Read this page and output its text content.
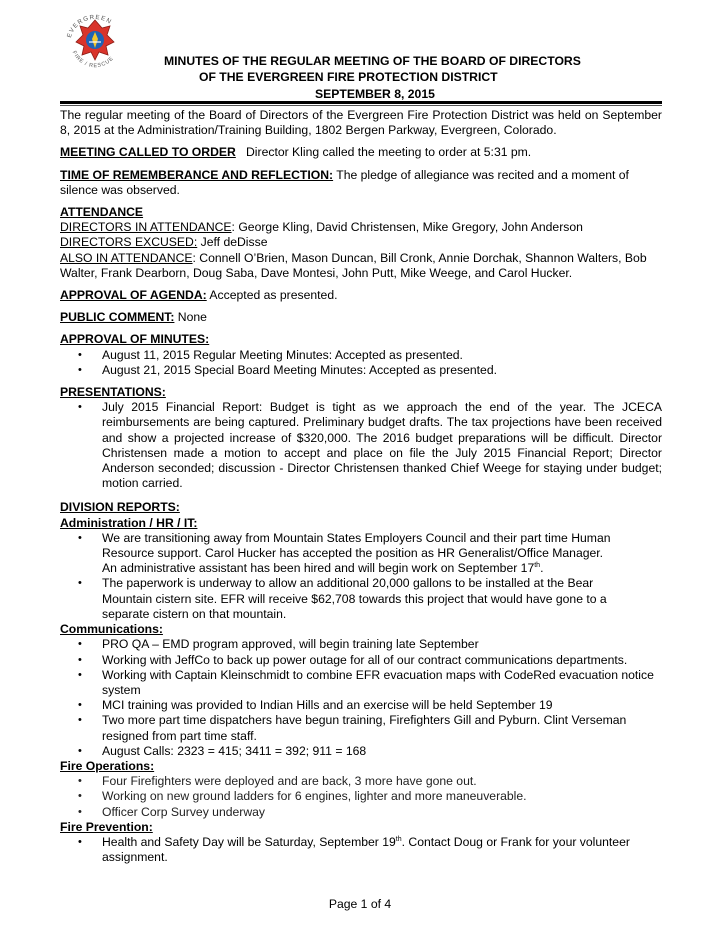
EVERGREEN
FIRE / RESCUE	MINUTES OF THE REGULAR MEETING OF THE BOARD OF DIRECTORS
OF THE EVERGREEN FIRE PROTECTION DISTRICT
SEPTEMBER 8, 2015

The regular meeting of the Board of Directors of the Evergreen Fire Protection District was held on September 8, 2015 at the Administration/Training Building, 1802 Bergen Parkway, Evergreen, Colorado.

MEETING CALLED TO ORDER Director Kling called the meeting to order at 5:31 pm.

TIME OF REMEMBERANCE AND REFLECTION: The pledge of allegiance was recited and a moment of silence was observed.

ATTENDANCE

DIRECTORS IN ATTENDANCE: George Kling, David Christensen, Mike Gregory, John Anderson

DIRECTORS EXCUSED: Jeff deDisse

ALSO IN ATTENDANCE: Connell O’Brien, Mason Duncan, Bill Cronk, Annie Dorchak, Shannon Walters, Bob Walter, Frank Dearborn, Doug Saba, Dave Montesi, John Putt, Mike Weege, and Carol Hucker.

APPROVAL OF AGENDA: Accepted as presented.

PUBLIC COMMENT: None

APPROVAL OF MINUTES:

• August 11, 2015 Regular Meeting Minutes: Accepted as presented.
• August 21, 2015 Special Board Meeting Minutes: Accepted as presented.

PRESENTATIONS:

• July 2015 Financial Report: Budget is tight as we approach the end of the year. The JCECA reimbursements are being captured. Preliminary budget drafts. The tax projections have been received and show a projected increase of $320,000. The 2016 budget preparations will be difficult. Director Christensen made a motion to accept and place on file the July 2015 Financial Report; Director Anderson seconded; discussion - Director Christensen thanked Chief Weege for staying under budget; motion carried.

DIVISION REPORTS:

Administration / HR / IT:

• We are transitioning away from Mountain States Employers Council and their part time Human
Resource support. Carol Hucker has accepted the position as HR Generalist/Office Manager.
An administrative assistant has been hired and will begin work on September 17th.
• The paperwork is underway to allow an additional 20,000 gallons to be installed at the Bear
Mountain cistern site. EFR will receive $62,708 towards this project that would have gone to a
separate cistern on that mountain.

Communications:

• PRO QA – EMD program approved, will begin training late September
• Working with JeffCo to back up power outage for all of our contract communications departments.
• Working with Captain Kleinschmidt to combine EFR evacuation maps with CodeRed evacuation notice system
• MCI training was provided to Indian Hills and an exercise will be held September 19
• Two more part time dispatchers have begun training, Firefighters Gill and Pyburn. Clint Verseman resigned from part time staff.
• August Calls: 2323 = 415; 3411 = 392; 911 = 168

Fire Operations:

• Four Firefighters were deployed and are back, 3 more have gone out.
• Working on new ground ladders for 6 engines, lighter and more maneuverable.
• Officer Corp Survey underway

Fire Prevention:

• Health and Safety Day will be Saturday, September 19th. Contact Doug or Frank for your volunteer assignment.
Page 1 of 4
